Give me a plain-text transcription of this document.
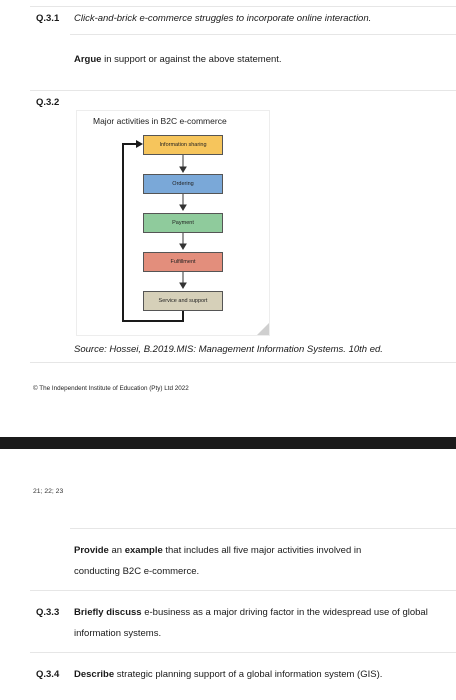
Q.3.1 Click-and-brick e-commerce struggles to incorporate online interaction.
Argue in support or against the above statement.
Q.3.2
Major activities in B2C e-commerce
Information sharing
Ordering
Payment
Fulfillment
Service and support
Source: Hossei, B.2019.MIS: Management Information Systems. 10th ed.
© The Independent Institute of Education (Pty) Ltd 2022
21; 22; 23
Provide an example that includes all five major activities involved in
conducting B2C e-commerce.
Q.3.3 Briefly discuss e-business as a major driving factor in the widespread use of global
information systems.
Q.3.4 Describe strategic planning support of a global information system (GIS).
